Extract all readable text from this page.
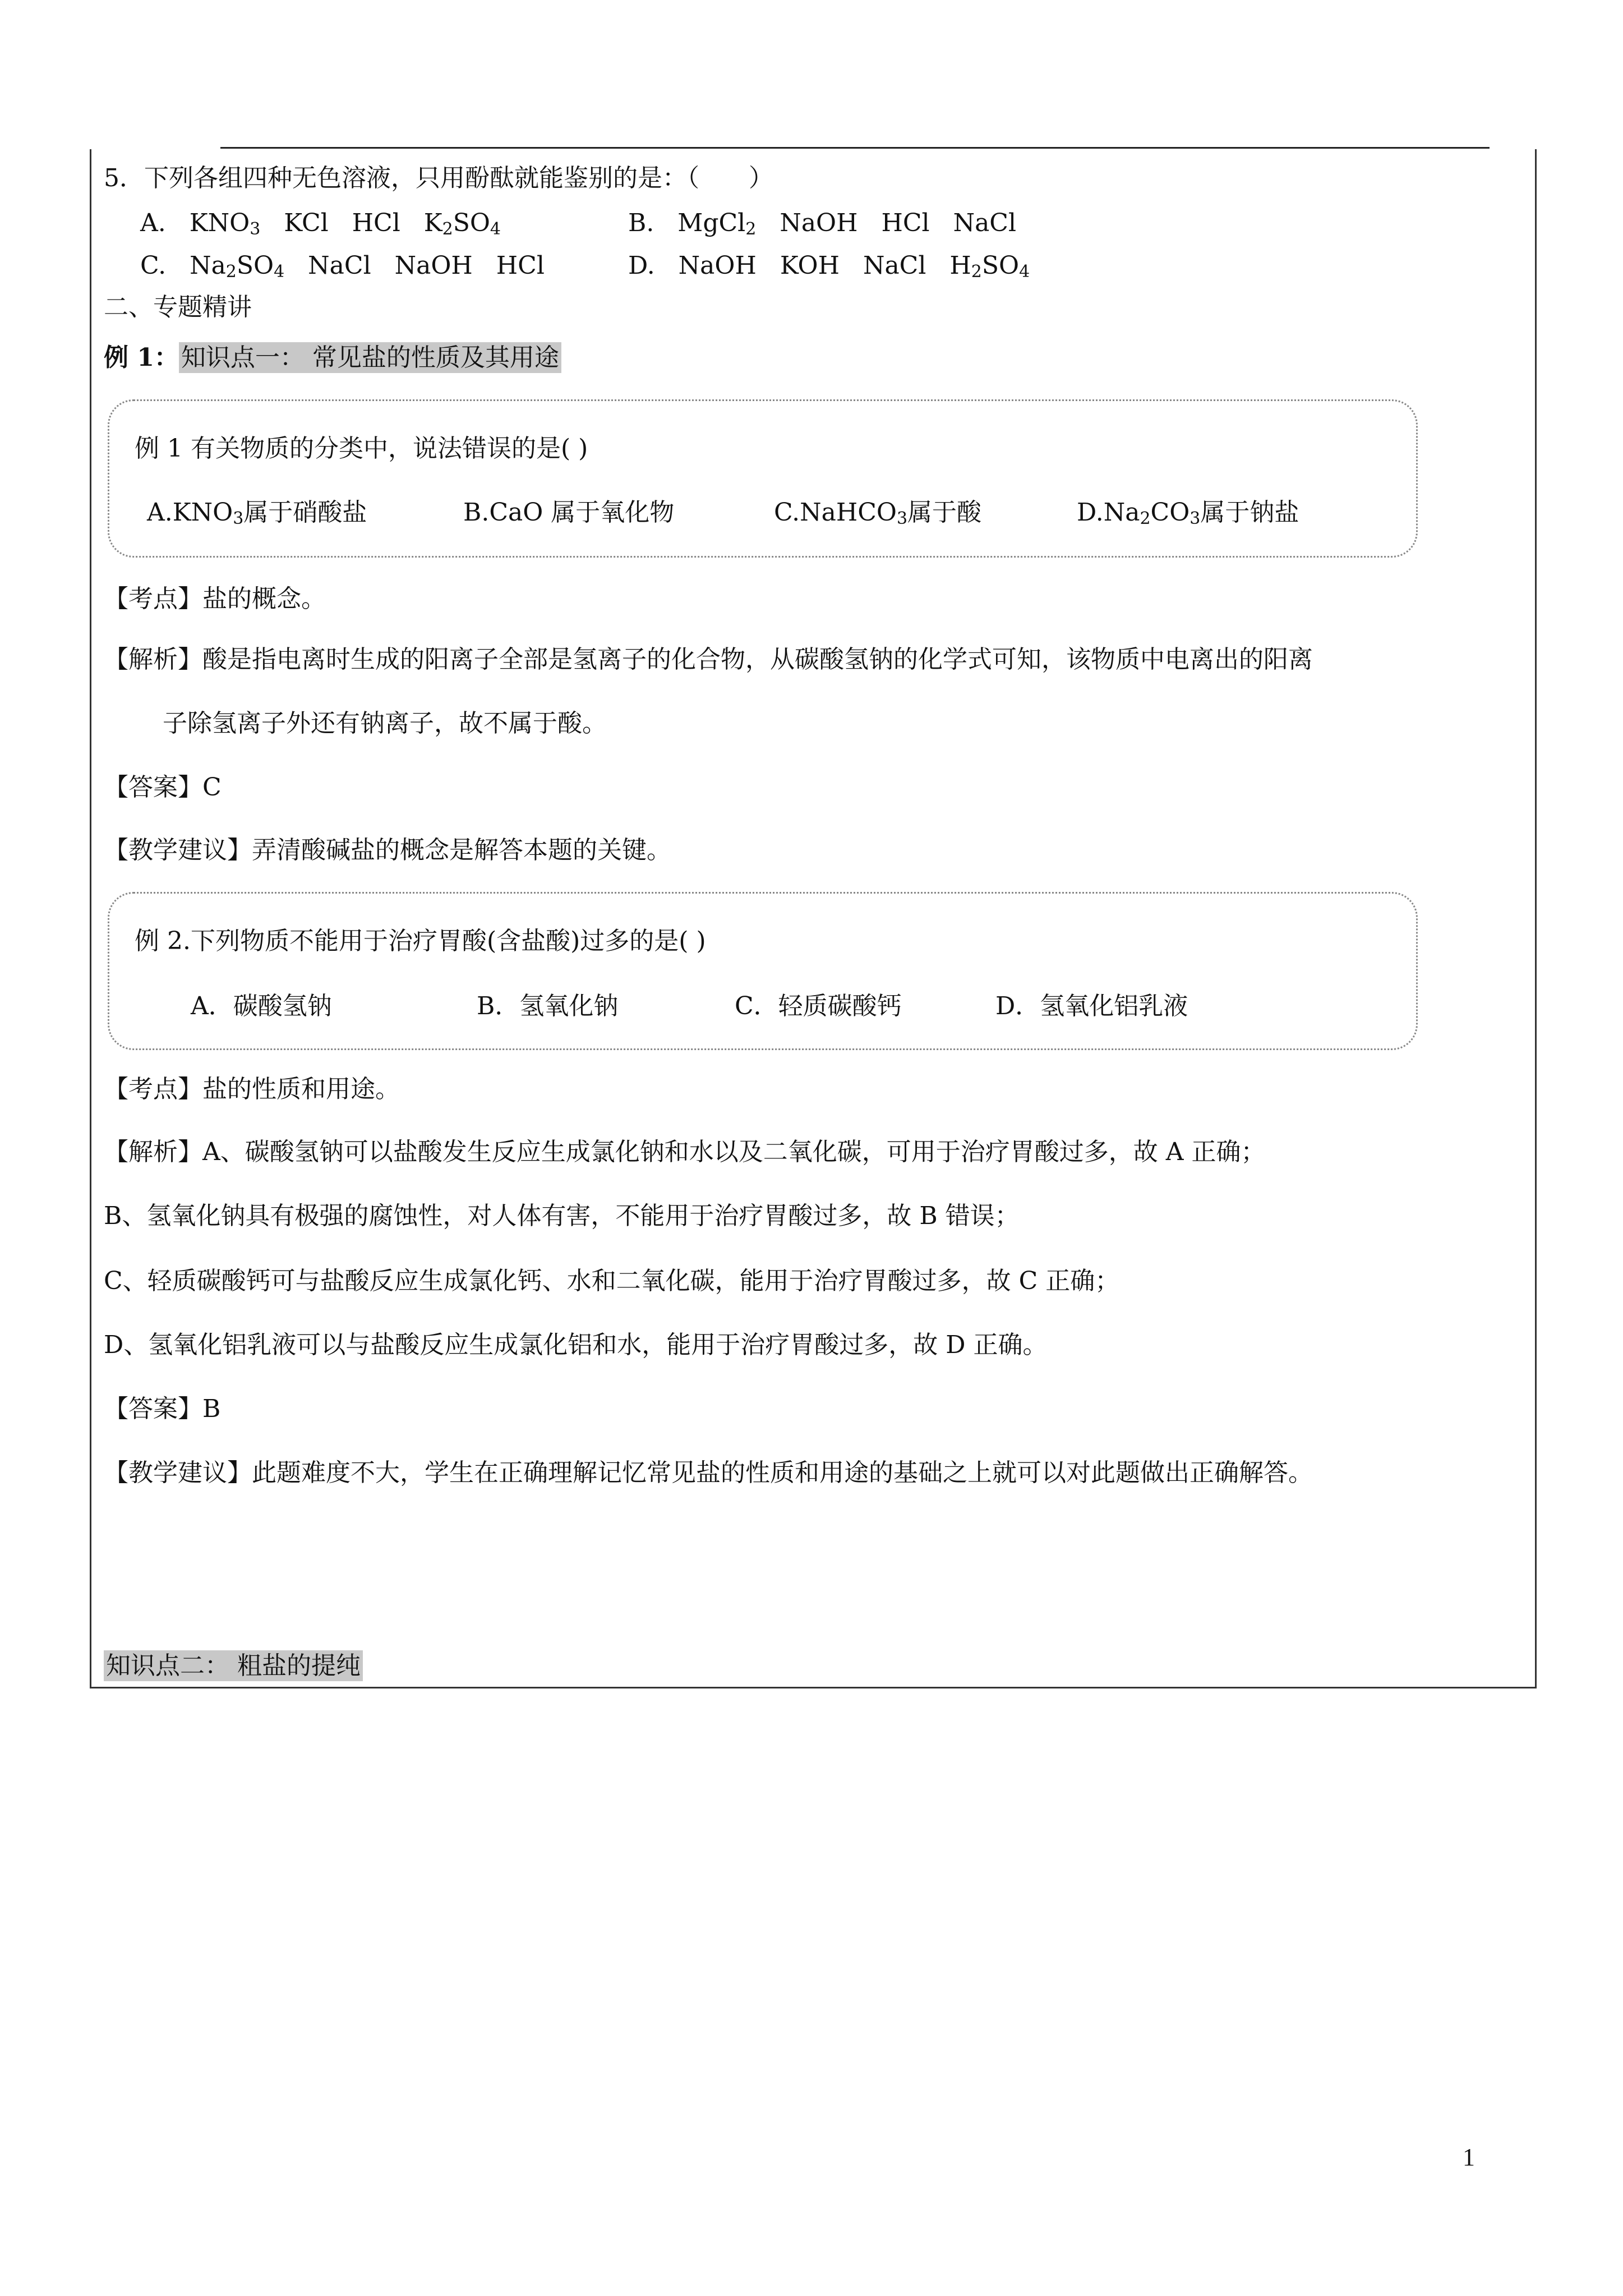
5．下列各组四种无色溶液，只用酚酞就能鉴别的是：（　　）
A. $KNO_3$ KCl HCl $K_2SO_4$	B. MgCl$_2$ NaOH HCl NaCl
C. $Na_2SO_4$ NaCl NaOH HCl	D. NaOH KOH NaCl $H_2SO_4$
二、专题精讲
例 1：知识点一： 常见盐的性质及其用途
例 1 有关物质的分类中，说法错误的是( )
$A.KNO_3$属于硝酸盐	B.CaO 属于氧化物	C.NaHCO$_3$属于酸	$D.Na_2CO_3$属于钠盐
【考点】盐的概念。
【解析】酸是指电离时生成的阳离子全部是氢离子的化合物，从碳酸氢钠的化学式可知，该物质中电离出的阳离
子除氢离子外还有钠离子，故不属于酸。
【答案】C
【教学建议】弄清酸碱盐的概念是解答本题的关键。
例 2.下列物质不能用于治疗胃酸(含盐酸)过多的是( )
A．碳酸氢钠	B．氢氧化钠	C．轻质碳酸钙	D．氢氧化铝乳液
【考点】盐的性质和用途。
【解析】A、碳酸氢钠可以盐酸发生反应生成氯化钠和水以及二氧化碳，可用于治疗胃酸过多，故 A 正确；
B、氢氧化钠具有极强的腐蚀性，对人体有害，不能用于治疗胃酸过多，故 B 错误；
C、轻质碳酸钙可与盐酸反应生成氯化钙、水和二氧化碳，能用于治疗胃酸过多，故 C 正确；
D、氢氧化铝乳液可以与盐酸反应生成氯化铝和水，能用于治疗胃酸过多，故 D 正确。
【答案】B
【教学建议】此题难度不大，学生在正确理解记忆常见盐的性质和用途的基础之上就可以对此题做出正确解答。
知识点二： 粗盐的提纯
1
